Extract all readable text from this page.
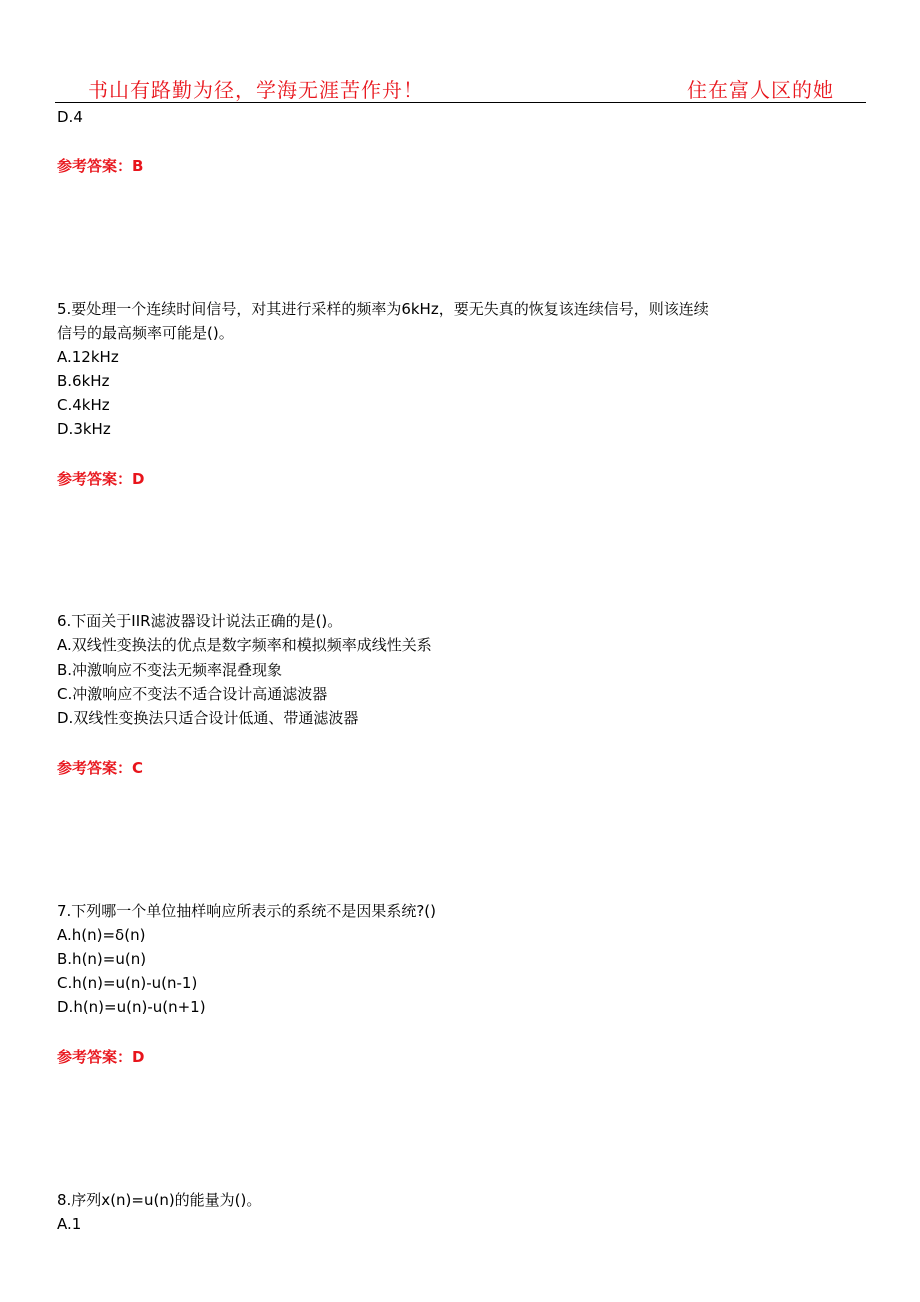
书山有路勤为径，学海无涯苦作舟！	住在富人区的她
D.4
参考答案：B
5.要处理一个连续时间信号，对其进行采样的频率为6kHz，要无失真的恢复该连续信号，则该连续
信号的最高频率可能是()。
A.12kHz
B.6kHz
C.4kHz
D.3kHz
参考答案：D
6.下面关于IIR滤波器设计说法正确的是()。
A.双线性变换法的优点是数字频率和模拟频率成线性关系
B.冲激响应不变法无频率混叠现象
C.冲激响应不变法不适合设计高通滤波器
D.双线性变换法只适合设计低通、带通滤波器
参考答案：C
7.下列哪一个单位抽样响应所表示的系统不是因果系统?()
A.h(n)=δ(n)
B.h(n)=u(n)
C.h(n)=u(n)-u(n-1)
D.h(n)=u(n)-u(n+1)
参考答案：D
8.序列x(n)=u(n)的能量为()。
A.1
